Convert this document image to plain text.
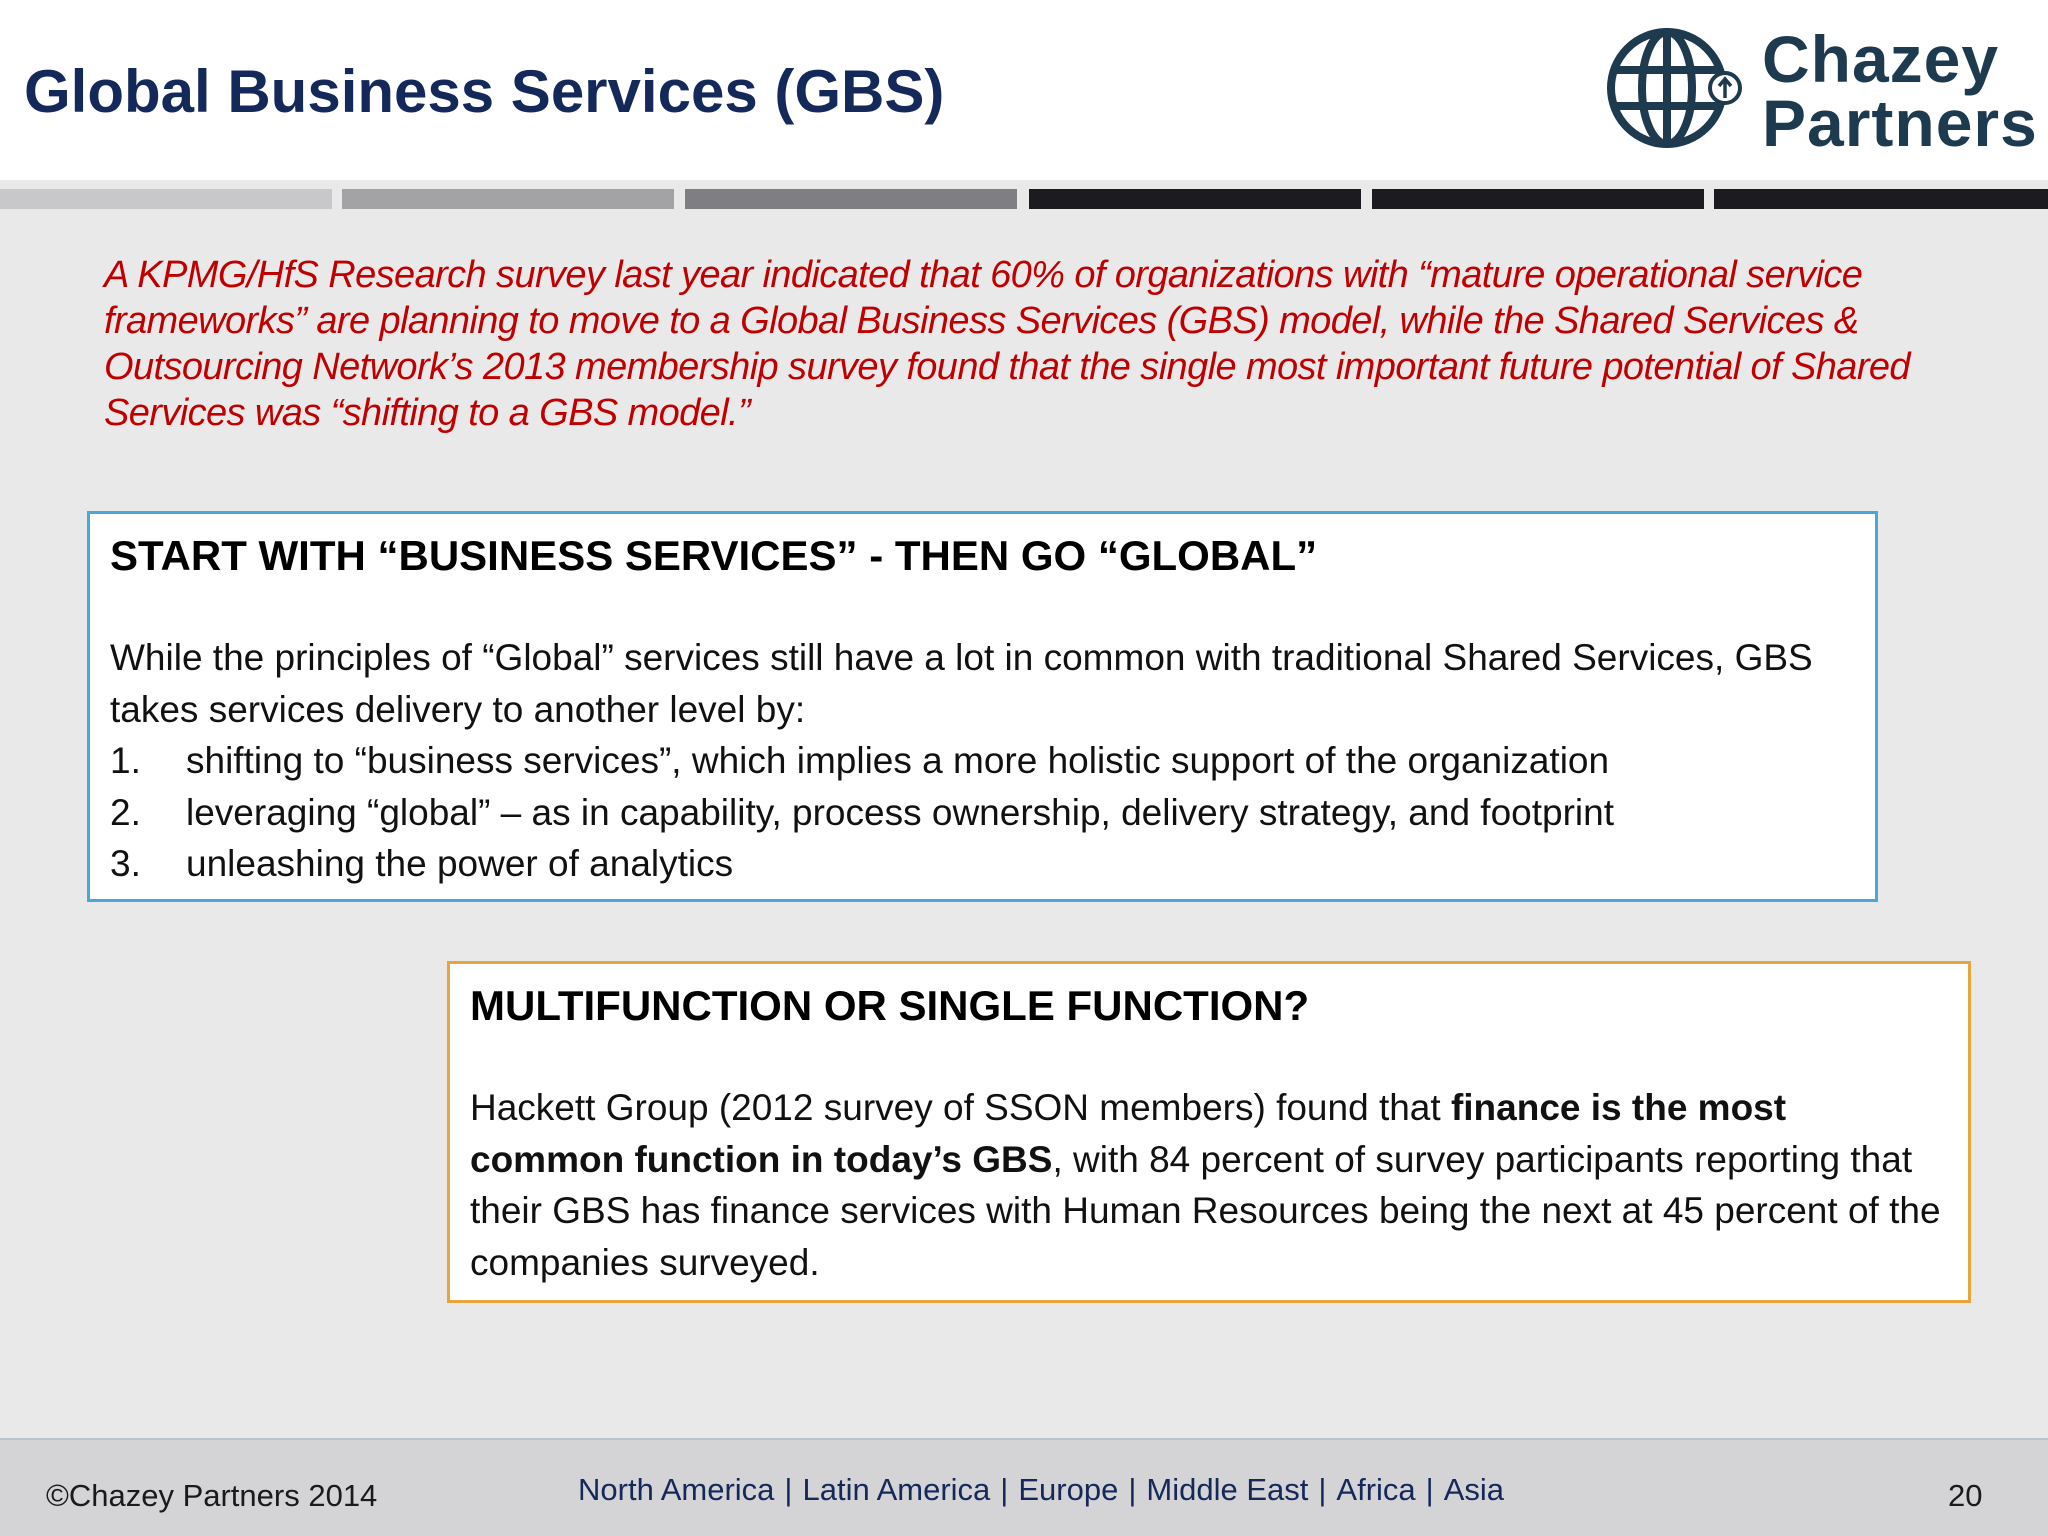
Global Business Services (GBS)	Chazey
Partners
A KPMG/HfS Research survey last year indicated that 60% of organizations with “mature operational service frameworks” are planning to move to a Global Business Services (GBS) model, while the Shared Services & Outsourcing Network’s 2013 membership survey found that the single most important future potential of Shared Services was “shifting to a GBS model.”

START WITH “BUSINESS SERVICES” - THEN GO “GLOBAL”

While the principles of “Global” services still have a lot in common with traditional Shared Services, GBS takes services delivery to another level by:

1. shifting to “business services”, which implies a more holistic support of the organization
2. leveraging “global” – as in capability, process ownership, delivery strategy, and footprint
3. unleashing the power of analytics

MULTIFUNCTION OR SINGLE FUNCTION?

Hackett Group (2012 survey of SSON members) found that finance is the most common function in today’s GBS, with 84 percent of survey participants reporting that their GBS has finance services with Human Resources being the next at 45 percent of the companies surveyed.

©Chazey Partners 2014	North America | Latin America | Europe | Middle East | Africa | Asia	20
